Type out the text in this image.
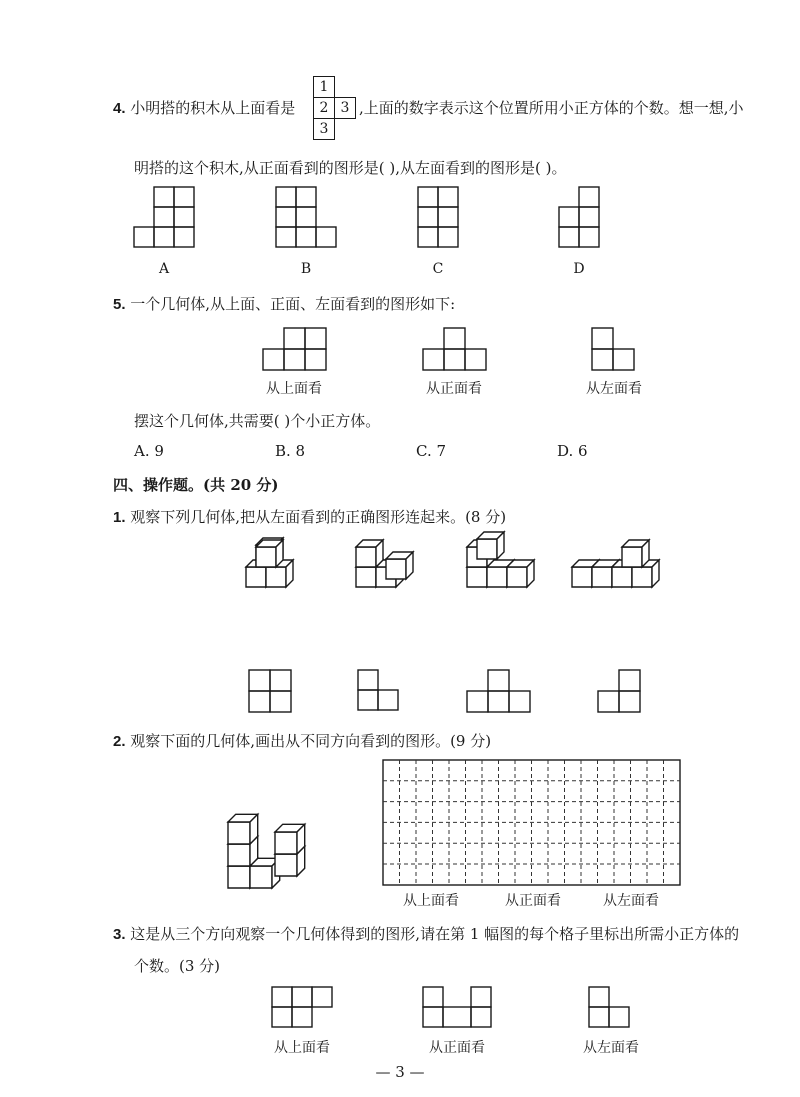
4. 小明搭的积木从上面看是
1
2 3
3
,上面的数字表示这个位置所用小正方体的个数。想一想,小
明搭的这个积木,从正面看到的图形是( ),从左面看到的图形是( )。
A	B	C	D
5. 一个几何体,从上面、正面、左面看到的图形如下:
从上面看	从正面看	从左面看
摆这个几何体,共需要( )个小正方体。
A. 9	B. 8	C. 7	D. 6
四、操作题。(共 20 分)
1. 观察下列几何体,把从左面看到的正确图形连起来。(8 分)
2. 观察下面的几何体,画出从不同方向看到的图形。(9 分)
从上面看	从正面看	从左面看
3. 这是从三个方向观察一个几何体得到的图形,请在第 1 幅图的每个格子里标出所需小正方体的
个数。(3 分)
从上面看	从正面看	从左面看
— 3 —
